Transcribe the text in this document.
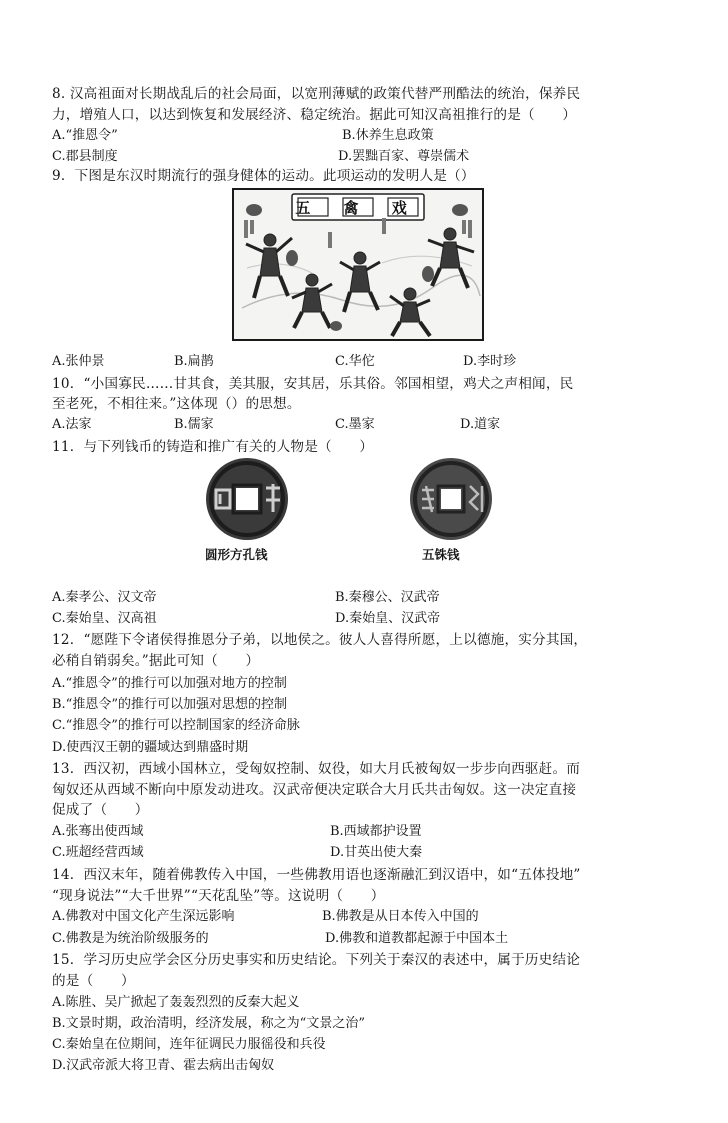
8. 汉高祖面对长期战乱后的社会局面，以宽刑薄赋的政策代替严刑酷法的统治，保养民
力，增殖人口，以达到恢复和发展经济、稳定统治。据此可知汉高祖推行的是（　　）
A.“推恩令”	B.休养生息政策
C.郡县制度	D.罢黜百家、尊崇儒术
9．下图是东汉时期流行的强身健体的运动。此项运动的发明人是（）
五 禽 戏
A.张仲景	B.扁鹊	C.华佗	D.李时珍
10．“小国寡民……甘其食，美其服，安其居，乐其俗。邻国相望，鸡犬之声相闻，民
至老死，不相往来。”这体现（）的思想。
A.法家	B.儒家	C.墨家	D.道家
11．与下列钱币的铸造和推广有关的人物是（　　）
圆形方孔钱	五铢钱
A.秦孝公、汉文帝	B.秦穆公、汉武帝
C.秦始皇、汉高祖	D.秦始皇、汉武帝
12．“愿陛下令诸侯得推恩分子弟，以地侯之。彼人人喜得所愿，上以德施，实分其国，
必稍自销弱矣。”据此可知（　　）
A.“推恩令”的推行可以加强对地方的控制
B.“推恩令”的推行可以加强对思想的控制
C.“推恩令”的推行可以控制国家的经济命脉
D.使西汉王朝的疆域达到鼎盛时期
13．西汉初，西域小国林立，受匈奴控制、奴役，如大月氏被匈奴一步步向西驱赶。而
匈奴还从西域不断向中原发动进攻。汉武帝便决定联合大月氏共击匈奴。这一决定直接
促成了（　　）
A.张骞出使西域	B.西域都护设置
C.班超经营西域	D.甘英出使大秦
14．西汉末年，随着佛教传入中国，一些佛教用语也逐渐融汇到汉语中，如“五体投地”
“现身说法”“大千世界”“天花乱坠”等。这说明（　　）
A.佛教对中国文化产生深远影响	B.佛教是从日本传入中国的
C.佛教是为统治阶级服务的	D.佛教和道教都起源于中国本土
15．学习历史应学会区分历史事实和历史结论。下列关于秦汉的表述中，属于历史结论
的是（　　）
A.陈胜、吴广掀起了轰轰烈烈的反秦大起义
B.文景时期，政治清明，经济发展，称之为“文景之治”
C.秦始皇在位期间，连年征调民力服徭役和兵役
D.汉武帝派大将卫青、霍去病出击匈奴
